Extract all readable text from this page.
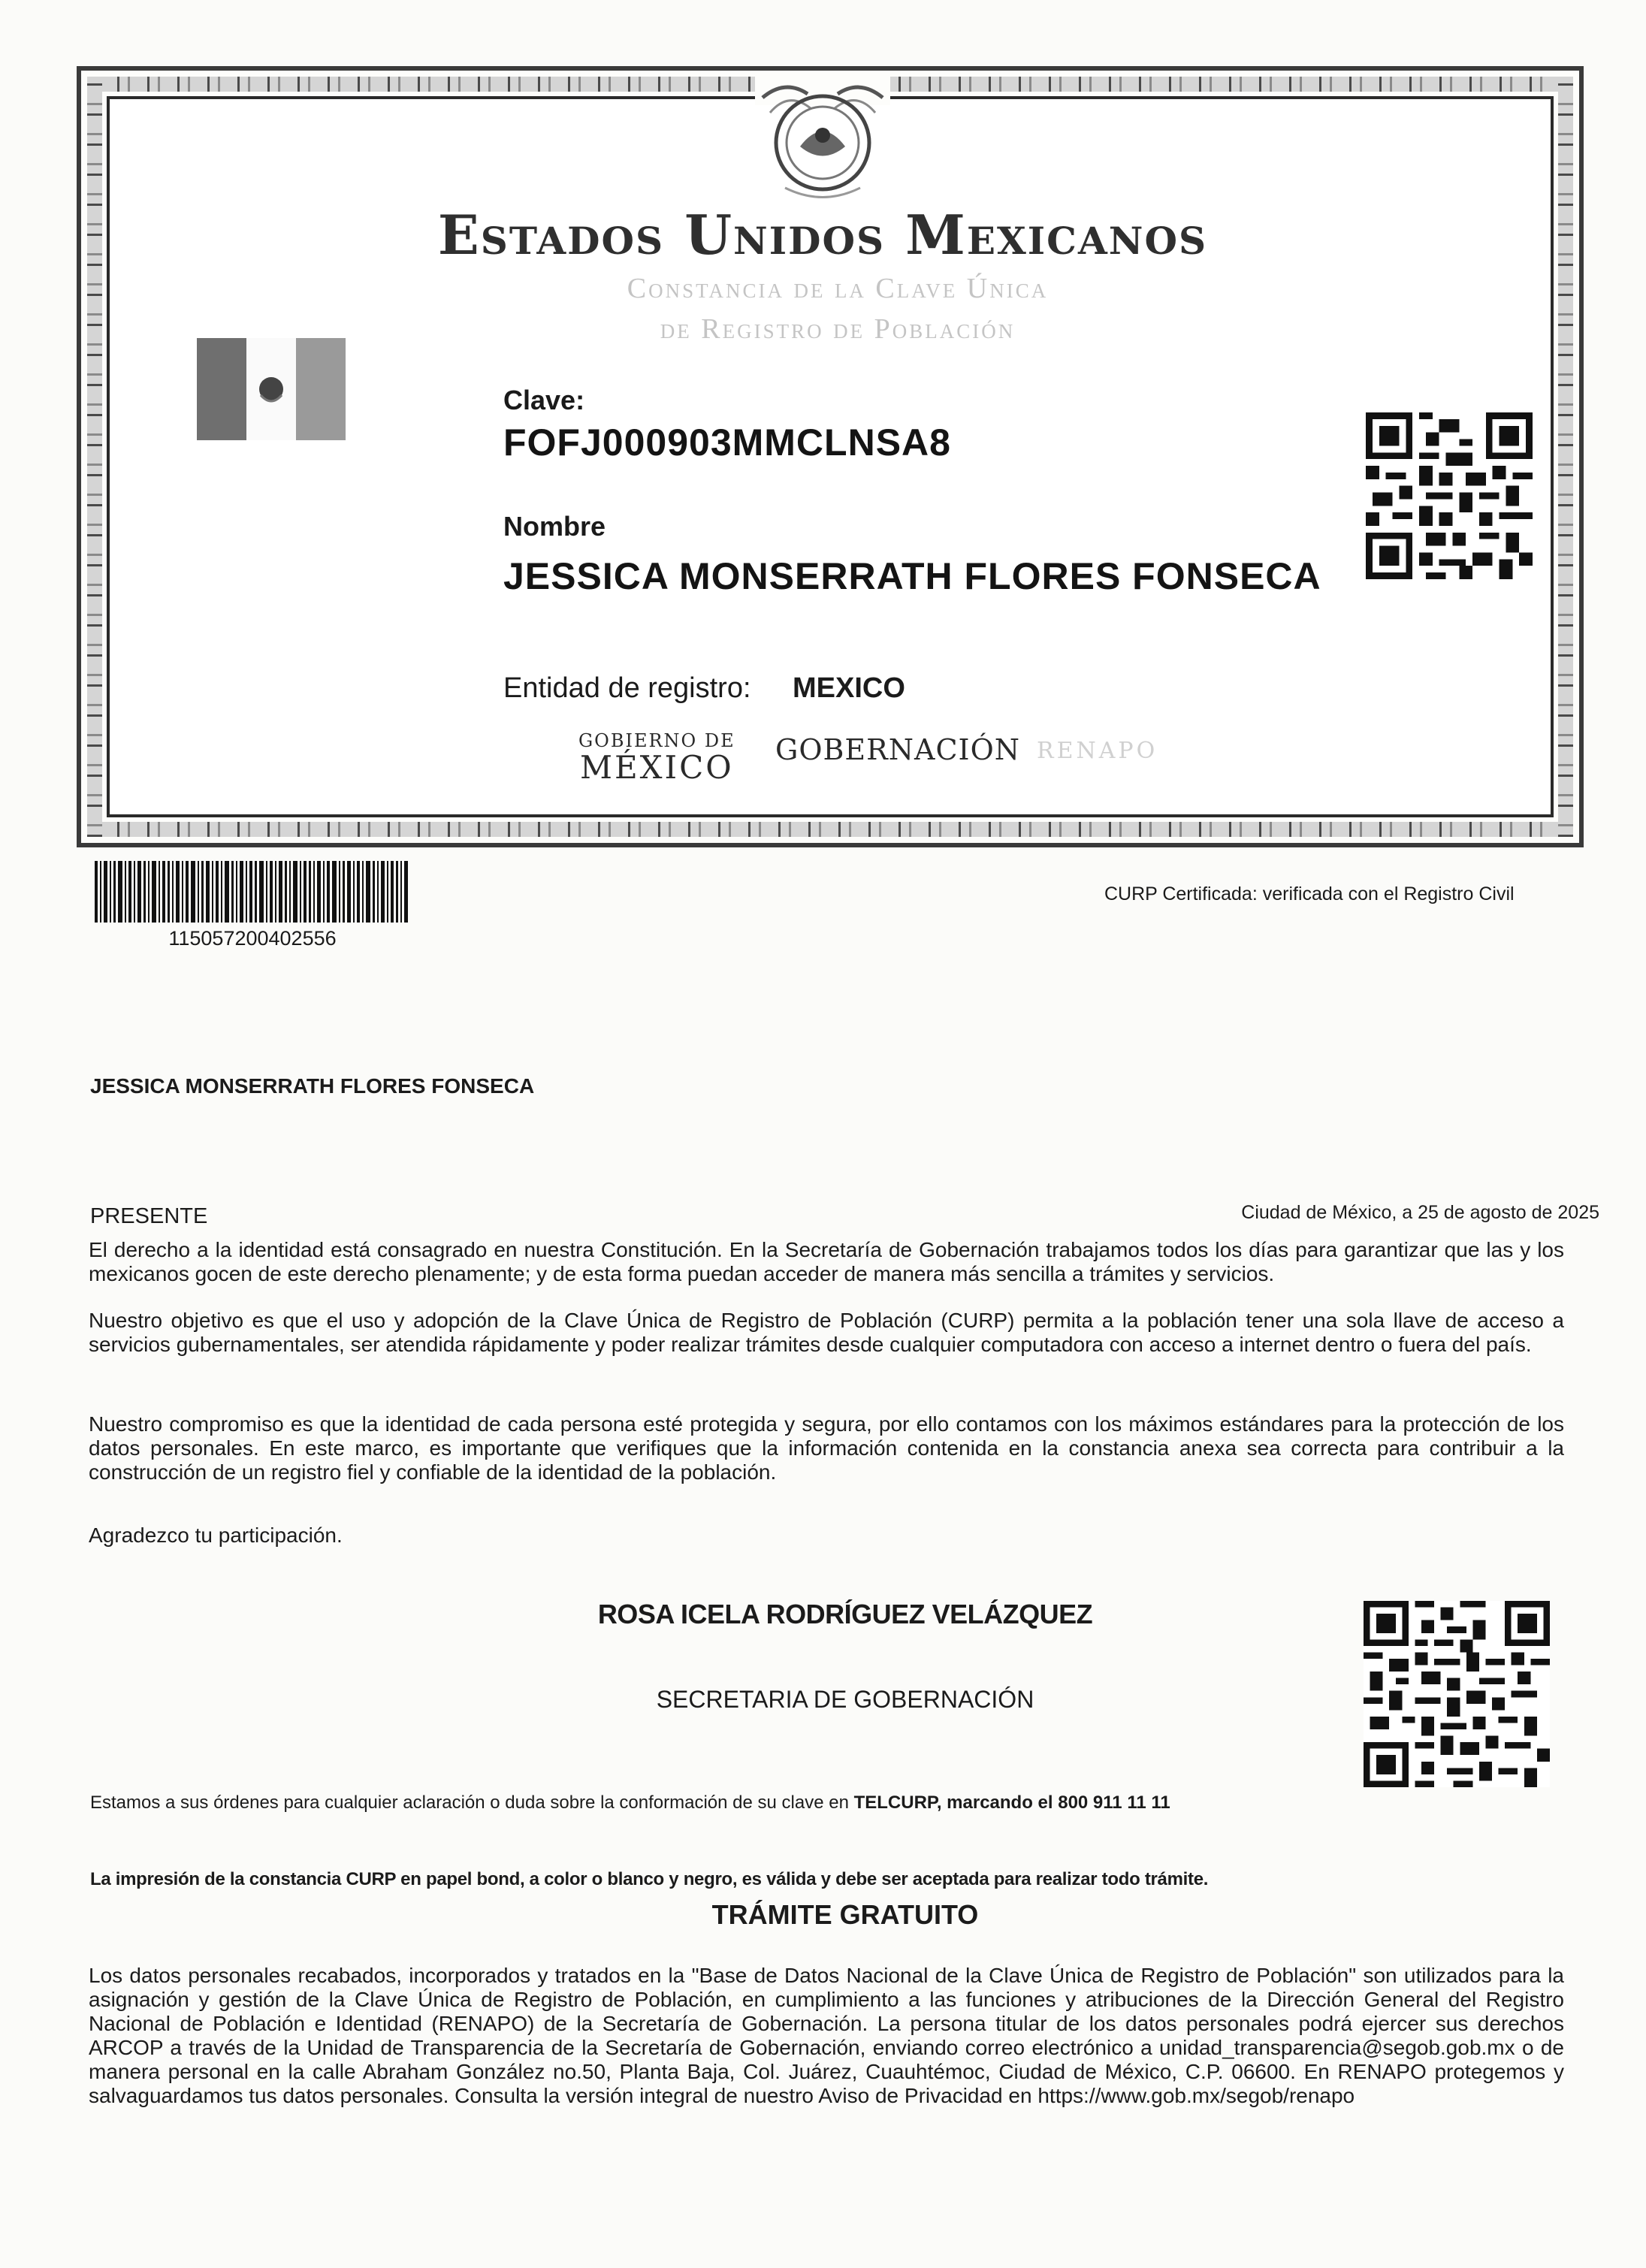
Estados Unidos Mexicanos
Constancia de la Clave Única
de Registro de Población
Clave:
FOFJ000903MMCLNSA8
Nombre
JESSICA MONSERRATH FLORES FONSECA
Entidad de registro: MEXICO
GOBIERNO DE
MÉXICO GOBERNACIÓN RENAPO
115057200402556
CURP Certificada: verificada con el Registro Civil
JESSICA MONSERRATH FLORES FONSECA
PRESENTE	Ciudad de México, a 25 de agosto de 2025
El derecho a la identidad está consagrado en nuestra Constitución. En la Secretaría de Gobernación trabajamos todos los días para garantizar que las y los mexicanos gocen de este derecho plenamente; y de esta forma puedan acceder de manera más sencilla a trámites y servicios.
Nuestro objetivo es que el uso y adopción de la Clave Única de Registro de Población (CURP) permita a la población tener una sola llave de acceso a servicios gubernamentales, ser atendida rápidamente y poder realizar trámites desde cualquier computadora con acceso a internet dentro o fuera del país.
Nuestro compromiso es que la identidad de cada persona esté protegida y segura, por ello contamos con los máximos estándares para la protección de los datos personales. En este marco, es importante que verifiques que la información contenida en la constancia anexa sea correcta para contribuir a la construcción de un registro fiel y confiable de la identidad de la población.
Agradezco tu participación.
ROSA ICELA RODRÍGUEZ VELÁZQUEZ
SECRETARIA DE GOBERNACIÓN
Estamos a sus órdenes para cualquier aclaración o duda sobre la conformación de su clave en TELCURP, marcando el 800 911 11 11
La impresión de la constancia CURP en papel bond, a color o blanco y negro, es válida y debe ser aceptada para realizar todo trámite.
TRÁMITE GRATUITO
Los datos personales recabados, incorporados y tratados en la "Base de Datos Nacional de la Clave Única de Registro de Población" son utilizados para la asignación y gestión de la Clave Única de Registro de Población, en cumplimiento a las funciones y atribuciones de la Dirección General del Registro Nacional de Población e Identidad (RENAPO) de la Secretaría de Gobernación. La persona titular de los datos personales podrá ejercer sus derechos ARCOP a través de la Unidad de Transparencia de la Secretaría de Gobernación, enviando correo electrónico a unidad_transparencia@segob.gob.mx o de manera personal en la calle Abraham González no.50, Planta Baja, Col. Juárez, Cuauhtémoc, Ciudad de México, C.P. 06600. En RENAPO protegemos y salvaguardamos tus datos personales. Consulta la versión integral de nuestro Aviso de Privacidad en https://www.gob.mx/segob/renapo
